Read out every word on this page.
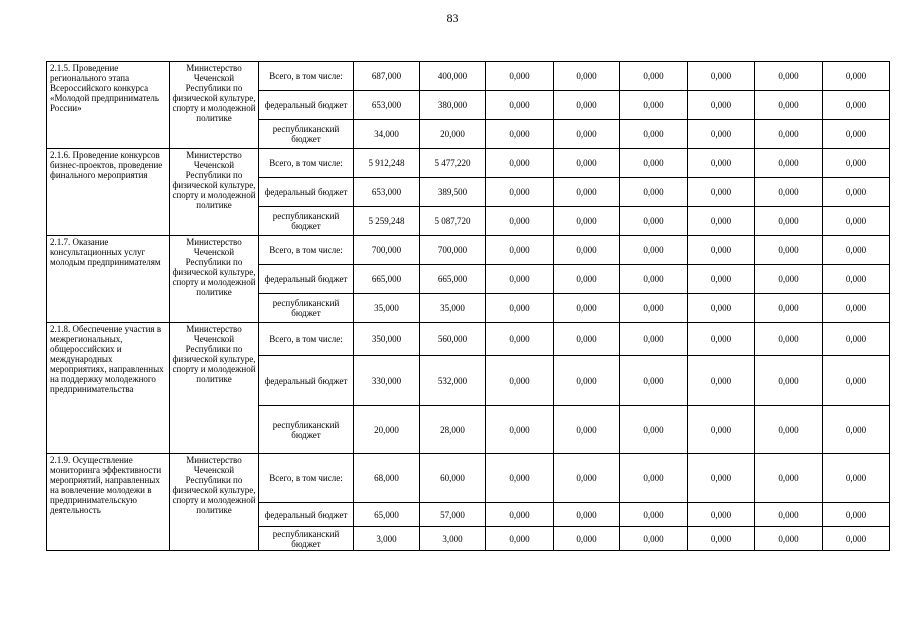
83
2.1.5. Проведение регионального этапа Всероссийского конкурса «Молодой предприниматель России»	Министерство Чеченской Республики по физической культуре, спорту и молодежной политике	Всего, в том числе:	687,000	400,000	0,000	0,000	0,000	0,000	0,000	0,000
		федеральный бюджет	653,000	380,000	0,000	0,000	0,000	0,000	0,000	0,000
		республиканский бюджет	34,000	20,000	0,000	0,000	0,000	0,000	0,000	0,000
2.1.6. Проведение конкурсов бизнес-проектов, проведение финального мероприятия	Министерство Чеченской Республики по физической культуре, спорту и молодежной политике	Всего, в том числе:	5 912,248	5 477,220	0,000	0,000	0,000	0,000	0,000	0,000
		федеральный бюджет	653,000	389,500	0,000	0,000	0,000	0,000	0,000	0,000
		республиканский бюджет	5 259,248	5 087,720	0,000	0,000	0,000	0,000	0,000	0,000
2.1.7. Оказание консультационных услуг молодым предпринимателям	Министерство Чеченской Республики по физической культуре, спорту и молодежной политике	Всего, в том числе:	700,000	700,000	0,000	0,000	0,000	0,000	0,000	0,000
		федеральный бюджет	665,000	665,000	0,000	0,000	0,000	0,000	0,000	0,000
		республиканский бюджет	35,000	35,000	0,000	0,000	0,000	0,000	0,000	0,000
2.1.8. Обеспечение участия в межрегиональных, общероссийских и международных мероприятиях, направленных на поддержку молодежного предпринимательства	Министерство Чеченской Республики по физической культуре, спорту и молодежной политике	Всего, в том числе:	350,000	560,000	0,000	0,000	0,000	0,000	0,000	0,000
		федеральный бюджет	330,000	532,000	0,000	0,000	0,000	0,000	0,000	0,000
		республиканский бюджет	20,000	28,000	0,000	0,000	0,000	0,000	0,000	0,000
2.1.9. Осуществление мониторинга эффективности мероприятий, направленных на вовлечение молодежи в предпринимательскую деятельность	Министерство Чеченской Республики по физической культуре, спорту и молодежной политике	Всего, в том числе:	68,000	60,000	0,000	0,000	0,000	0,000	0,000	0,000
		федеральный бюджет	65,000	57,000	0,000	0,000	0,000	0,000	0,000	0,000
		республиканский бюджет	3,000	3,000	0,000	0,000	0,000	0,000	0,000	0,000
